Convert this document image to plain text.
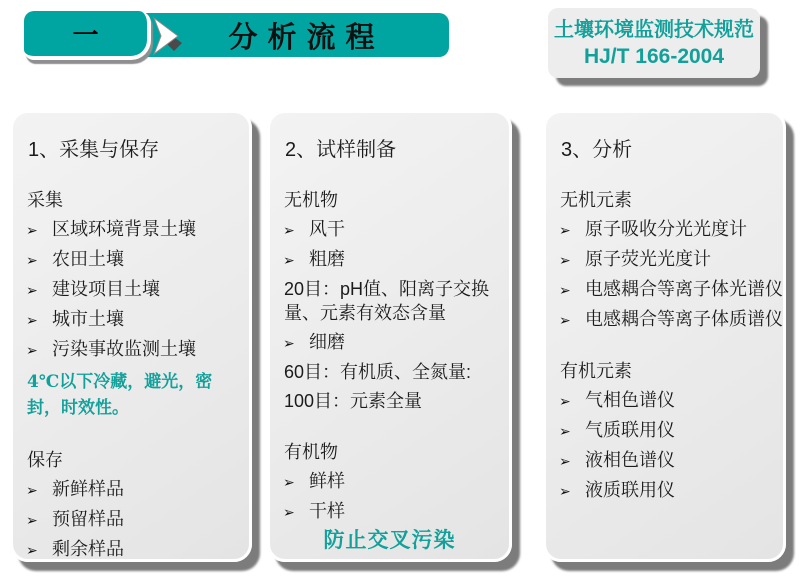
分析流程
一	土壤环境监测技术规范
HJ/T 166-2004
1、采集与保存
采集
➢ 区域环境背景土壤
➢ 农田土壤
➢ 建设项目土壤
➢ 城市土壤
➢ 污染事故监测土壤
4℃以下冷藏，避光，密封，时效性。
保存
➢ 新鲜样品
➢ 预留样品
➢ 剩余样品
2、试样制备
无机物
➢ 风干
➢ 粗磨
20目：pH值、阳离子交换量、元素有效态含量
➢ 细磨
60目：有机质、全氮量:
100目：元素全量
有机物
➢ 鲜样
➢ 干样
防止交叉污染
3、分析
无机元素
➢ 原子吸收分光光度计
➢ 原子荧光光度计
➢ 电感耦合等离子体光谱仪
➢ 电感耦合等离子体质谱仪
有机元素
➢ 气相色谱仪
➢ 气质联用仪
➢ 液相色谱仪
➢ 液质联用仪
